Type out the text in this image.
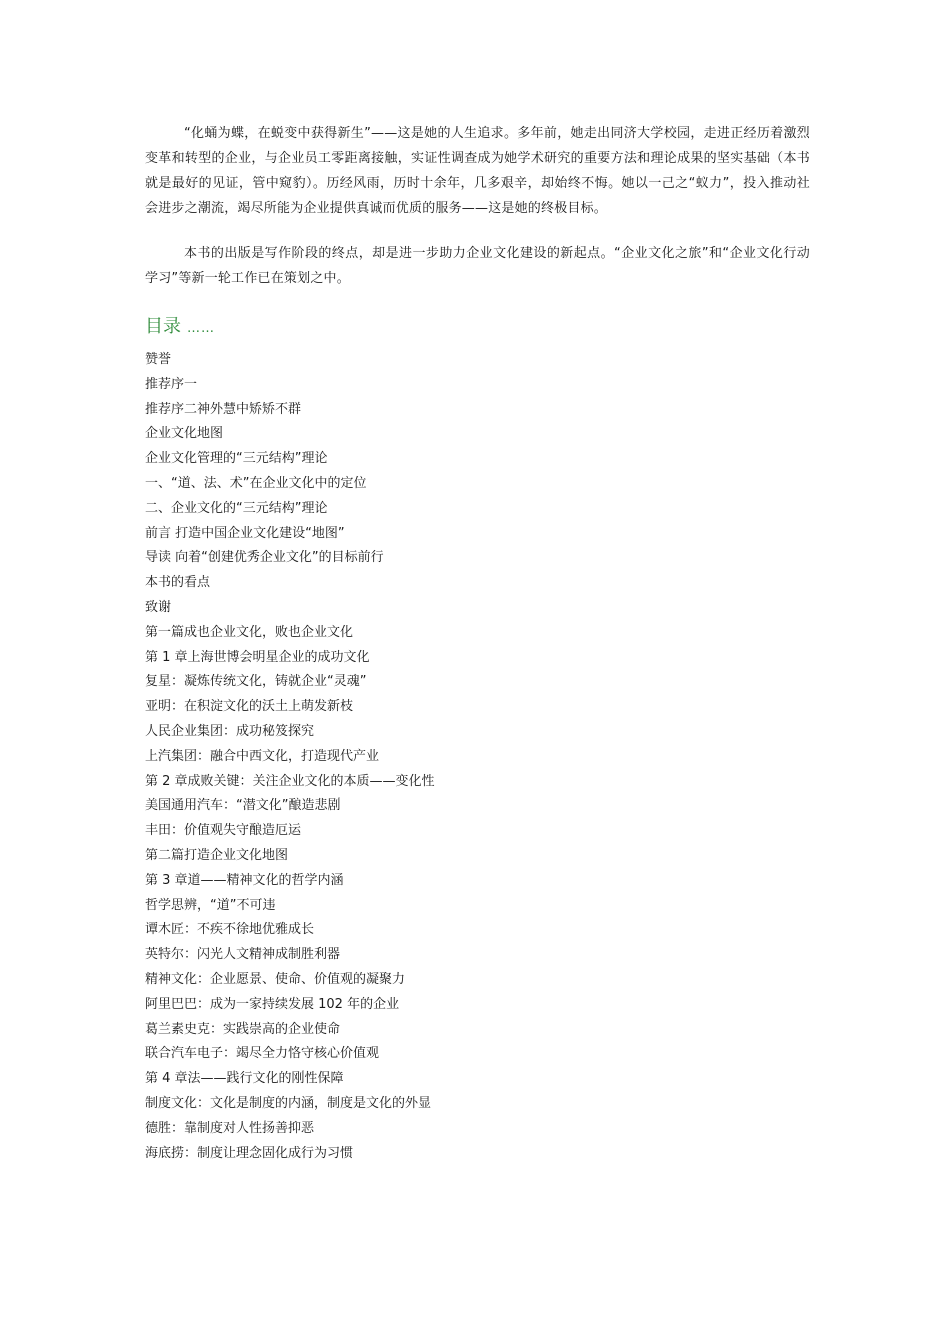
“化蛹为蝶，在蜕变中获得新生”——这是她的人生追求。多年前，她走出同济大学校园，走进正经历着激烈变革和转型的企业，与企业员工零距离接触，实证性调查成为她学术研究的重要方法和理论成果的坚实基础（本书就是最好的见证，管中窥豹）。历经风雨，历时十余年，几多艰辛，却始终不悔。她以一己之“蚁力”，投入推动社会进步之潮流，竭尽所能为企业提供真诚而优质的服务——这是她的终极目标。

本书的出版是写作阶段的终点，却是进一步助力企业文化建设的新起点。“企业文化之旅”和“企业文化行动学习”等新一轮工作已在策划之中。

目录 ……
赞誉
推荐序一
推荐序二神外慧中矫矫不群
企业文化地图
企业文化管理的“三元结构”理论
一、“道、法、术”在企业文化中的定位
二、企业文化的“三元结构”理论
前言 打造中国企业文化建设“地图”
导读 向着“创建优秀企业文化”的目标前行
本书的看点
致谢
第一篇成也企业文化，败也企业文化
第 1 章上海世博会明星企业的成功文化
复星：凝炼传统文化，铸就企业“灵魂”
亚明：在积淀文化的沃土上萌发新枝
人民企业集团：成功秘笈探究
上汽集团：融合中西文化，打造现代产业
第 2 章成败关键：关注企业文化的本质——变化性
美国通用汽车：“潜文化”酿造悲剧
丰田：价值观失守酿造厄运
第二篇打造企业文化地图
第 3 章道——精神文化的哲学内涵
哲学思辨，“道”不可违
谭木匠：不疾不徐地优雅成长
英特尔：闪光人文精神成制胜利器
精神文化：企业愿景、使命、价值观的凝聚力
阿里巴巴：成为一家持续发展 102 年的企业
葛兰素史克：实践崇高的企业使命
联合汽车电子：竭尽全力恪守核心价值观
第 4 章法——践行文化的刚性保障
制度文化：文化是制度的内涵，制度是文化的外显
德胜：靠制度对人性扬善抑恶
海底捞：制度让理念固化成行为习惯
